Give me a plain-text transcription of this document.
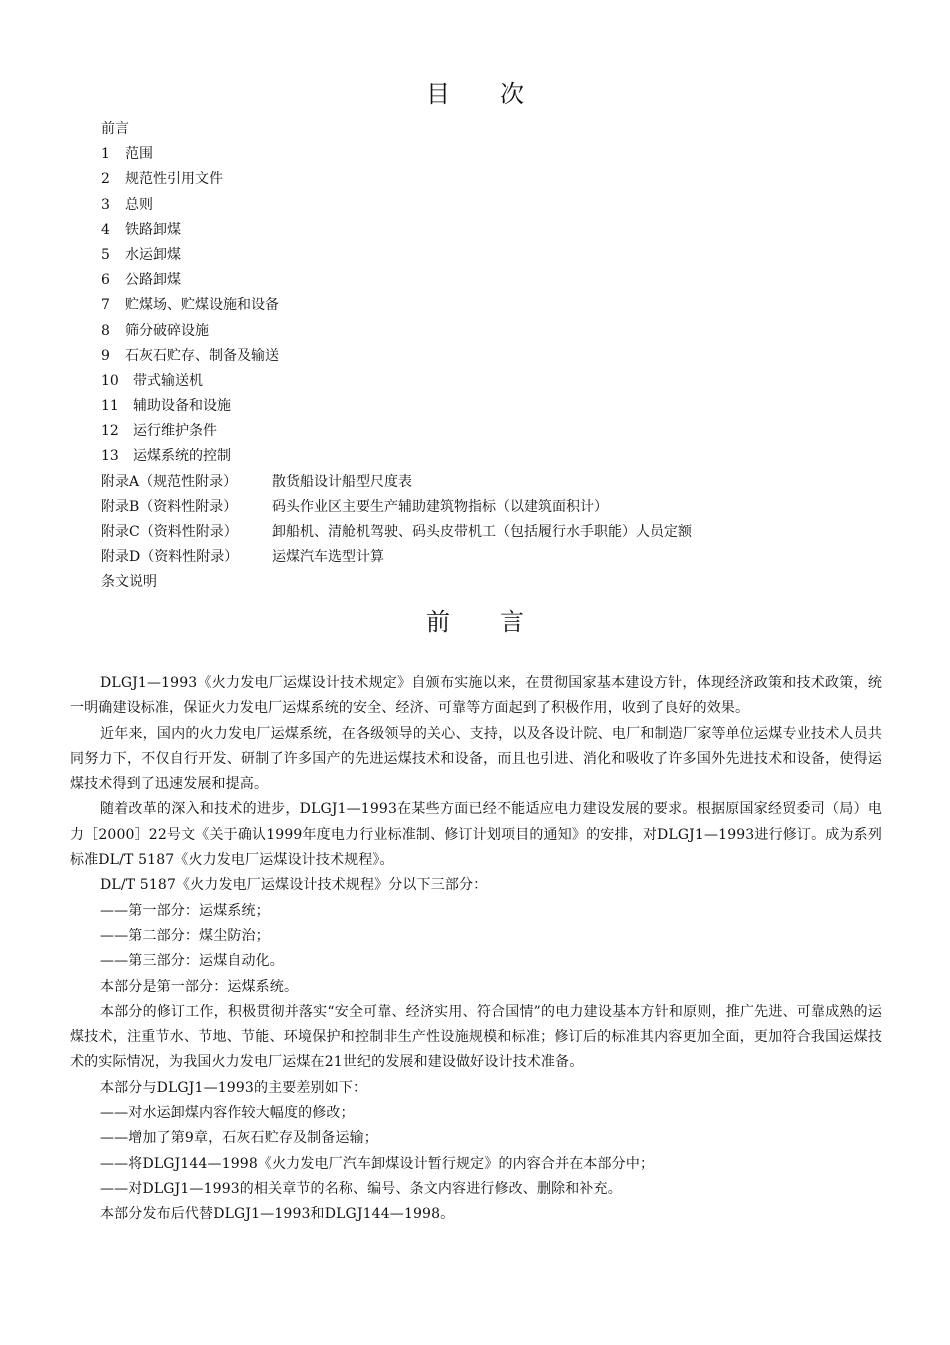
目次
前言
1	范围
2	规范性引用文件
3	总则
4	铁路卸煤
5	水运卸煤
6	公路卸煤
7	贮煤场、贮煤设施和设备
8	筛分破碎设施
9	石灰石贮存、制备及输送
10	带式输送机
11	辅助设备和设施
12	运行维护条件
13	运煤系统的控制
附录A（规范性附录）	散货船设计船型尺度表
附录B（资料性附录）	码头作业区主要生产辅助建筑物指标（以建筑面积计）
附录C（资料性附录）	卸船机、清舱机驾驶、码头皮带机工（包括履行水手职能）人员定额
附录D（资料性附录）	运煤汽车选型计算
条文说明
前言

DLGJ1—1993《火力发电厂运煤设计技术规定》自颁布实施以来，在贯彻国家基本建设方针，体现经济政策和技术政策，统一明确建设标准，保证火力发电厂运煤系统的安全、经济、可靠等方面起到了积极作用，收到了良好的效果。

近年来，国内的火力发电厂运煤系统，在各级领导的关心、支持，以及各设计院、电厂和制造厂家等单位运煤专业技术人员共同努力下，不仅自行开发、研制了许多国产的先进运煤技术和设备，而且也引进、消化和吸收了许多国外先进技术和设备，使得运煤技术得到了迅速发展和提高。

随着改革的深入和技术的进步，DLGJ1—1993在某些方面已经不能适应电力建设发展的要求。根据原国家经贸委司（局）电力［2000］22号文《关于确认1999年度电力行业标准制、修订计划项目的通知》的安排，对DLGJ1—1993进行修订。成为系列标准DL/T 5187《火力发电厂运煤设计技术规程》。

DL/T 5187《火力发电厂运煤设计技术规程》分以下三部分：

——第一部分：运煤系统；

——第二部分：煤尘防治；

——第三部分：运煤自动化。

本部分是第一部分：运煤系统。

本部分的修订工作，积极贯彻并落实“安全可靠、经济实用、符合国情”的电力建设基本方针和原则，推广先进、可靠成熟的运煤技术，注重节水、节地、节能、环境保护和控制非生产性设施规模和标准；修订后的标准其内容更加全面，更加符合我国运煤技术的实际情况，为我国火力发电厂运煤在21世纪的发展和建设做好设计技术准备。

本部分与DLGJ1—1993的主要差别如下：

——对水运卸煤内容作较大幅度的修改；

——增加了第9章，石灰石贮存及制备运输；

——将DLGJ144—1998《火力发电厂汽车卸煤设计暂行规定》的内容合并在本部分中；

——对DLGJ1—1993的相关章节的名称、编号、条文内容进行修改、删除和补充。

本部分发布后代替DLGJ1—1993和DLGJ144—1998。
